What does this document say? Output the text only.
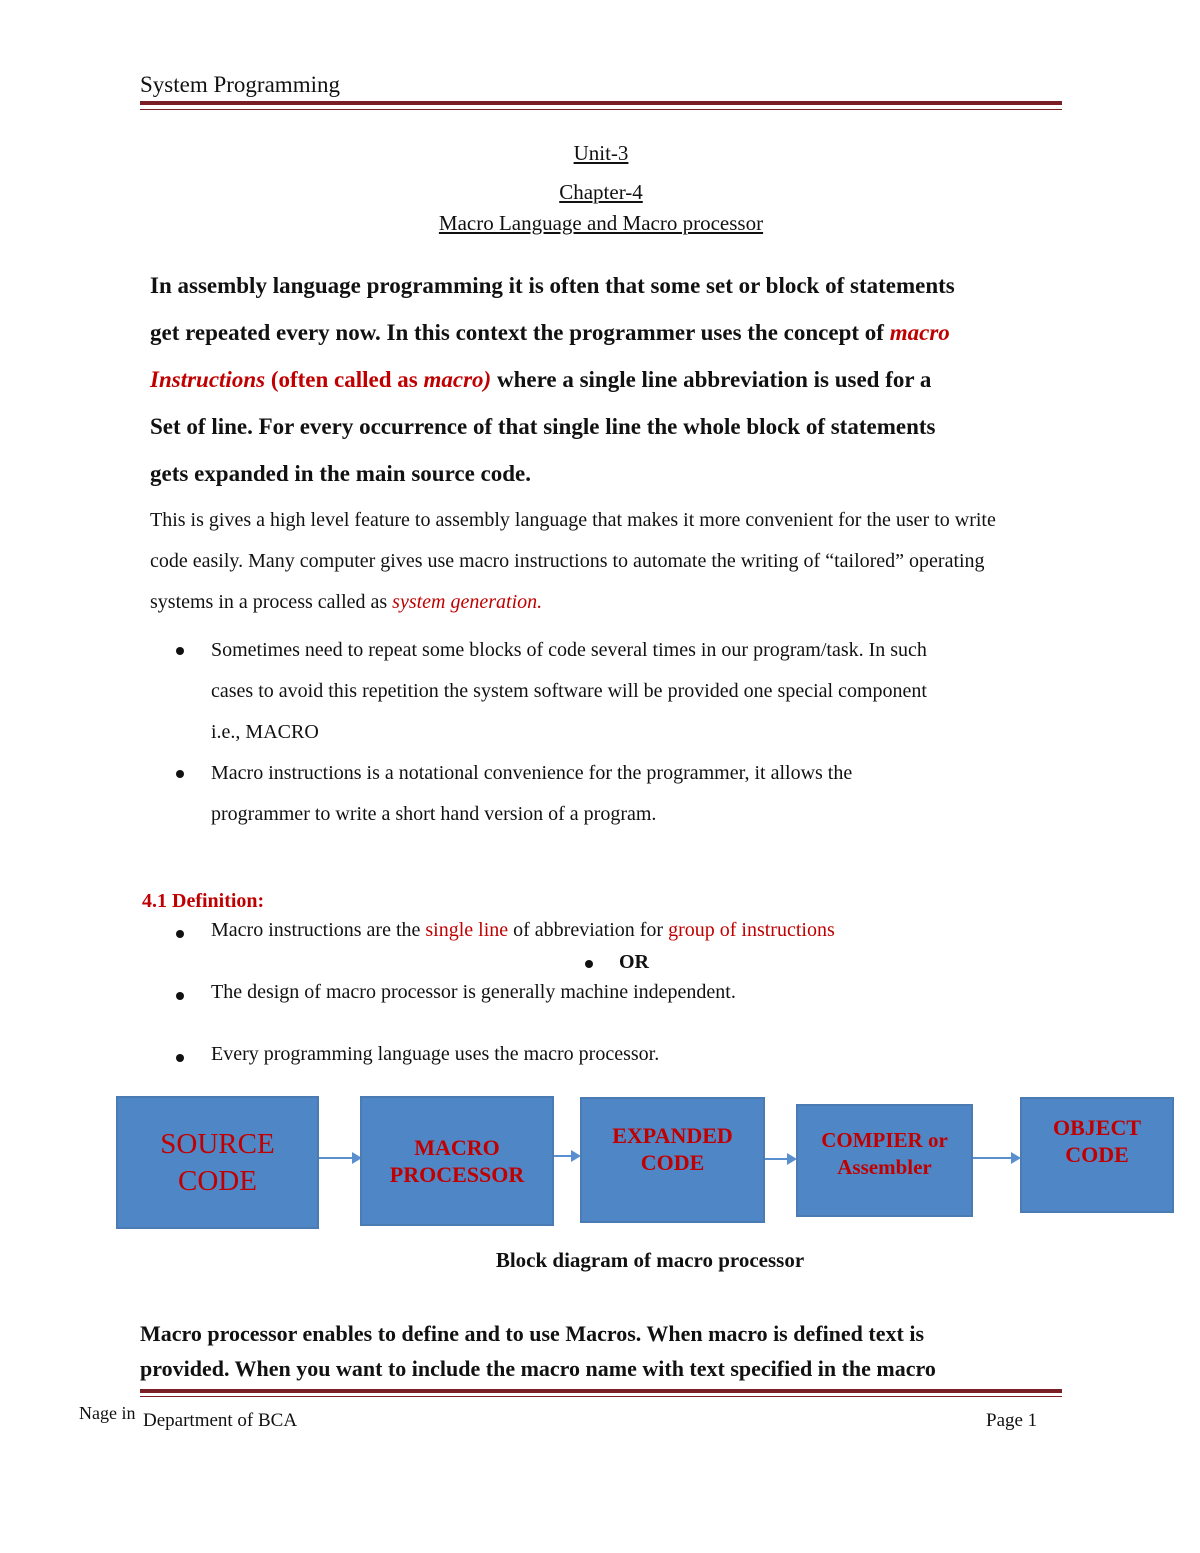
System Programming
Unit-3
Chapter-4
Macro Language and Macro processor
In assembly language programming it is often that some set or block of statements
get repeated every now. In this context the programmer uses the concept of macro
Instructions (often called as macro) where a single line abbreviation is used for a
Set of line. For every occurrence of that single line the whole block of statements
gets expanded in the main source code.
This is gives a high level feature to assembly language that makes it more convenient for the user to write
code easily. Many computer gives use macro instructions to automate the writing of “tailored” operating
systems in a process called as system generation.
Sometimes need to repeat some blocks of code several times in our program/task. In such
cases to avoid this repetition the system software will be provided one special component
i.e., MACRO
Macro instructions is a notational convenience for the programmer, it allows the
programmer to write a short hand version of a program.
4.1 Definition:
Macro instructions are the single line of abbreviation for group of instructions
OR
The design of macro processor is generally machine independent.
Every programming language uses the macro processor.
SOURCE
CODE
MACRO
PROCESSOR
EXPANDED
CODE
COMPIER or
Assembler
OBJECT
CODE
Block diagram of macro processor
Macro processor enables to define and to use Macros. When macro is defined text is
provided. When you want to include the macro name with text specified in the macro
Nage in Department of BCA	Page 1
